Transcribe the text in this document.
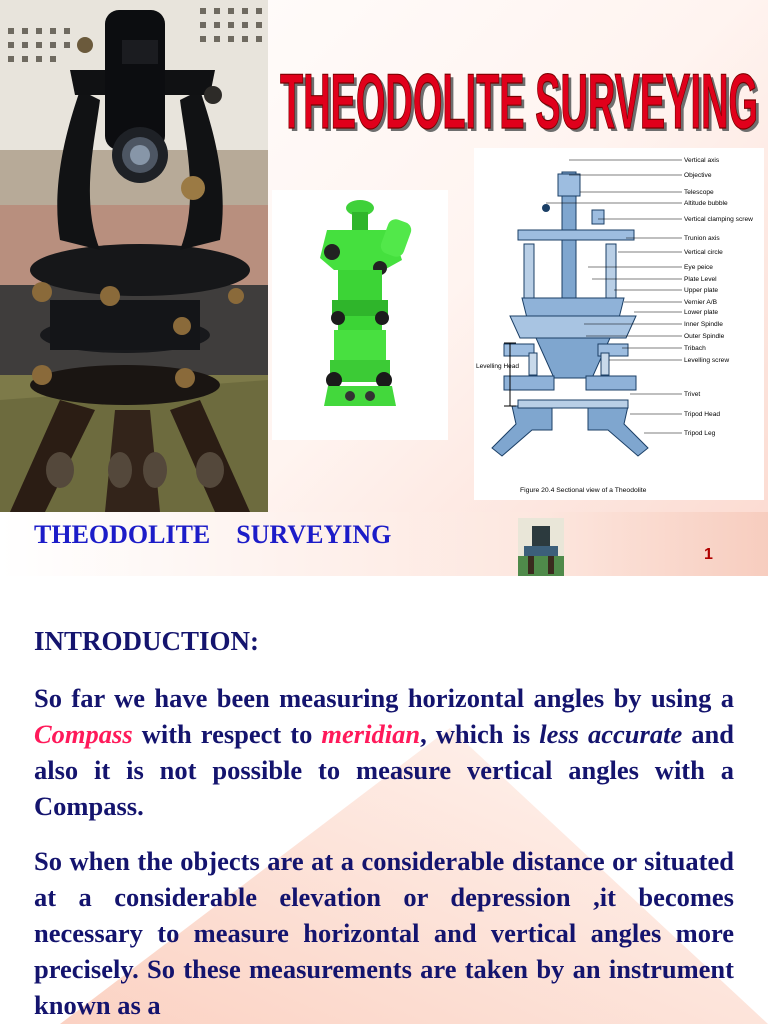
THEODOLITE SURVEYING
THEODOLITE SURVEYING
Levelling Head
Vertical axis
Objective
Telescope
Altitude bubble
Vertical clamping screw
Trunion axis
Vertical circle
Eye peice
Plate Level
Upper plate
Vernier A/B
Lower plate
Inner Spindle
Outer Spindle
Tribach
Levelling screw
Trivet
Tripod Head
Tripod Leg
Figure 20.4 Sectional view of a Theodolite
THEODOLITE    SURVEYING
1
INTRODUCTION:
So far we have been measuring horizontal angles by using a Compass with respect to meridian, which is less accurate and also it is not possible to measure vertical angles with a Compass.
So when the objects are at a considerable distance or situated at a considerable elevation or depression ,it becomes necessary to measure horizontal and vertical angles more precisely. So these measurements are taken by an instrument known as a
